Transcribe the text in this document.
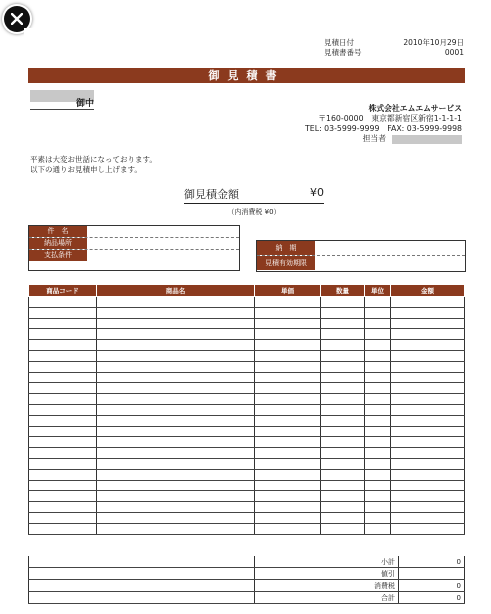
見積日付	2010年10月29日
見積書番号	0001
御見積書
御中	株式会社エムエムサービス
〒160-0000　東京都新宿区新宿1-1-1-1
TEL: 03-5999-9999　FAX: 03-5999-9998
担当者
平素は大変お世話になっております。
以下の通りお見積申し上げます。
御見積金額	¥0
（内消費税 ¥0）
件　名
納品場所
支払条件
納　期
見積有効期限
商品コード	商品名	単価	数量	単位	金額

	小計	0
	値引	
	消費税	0
	合計	0
